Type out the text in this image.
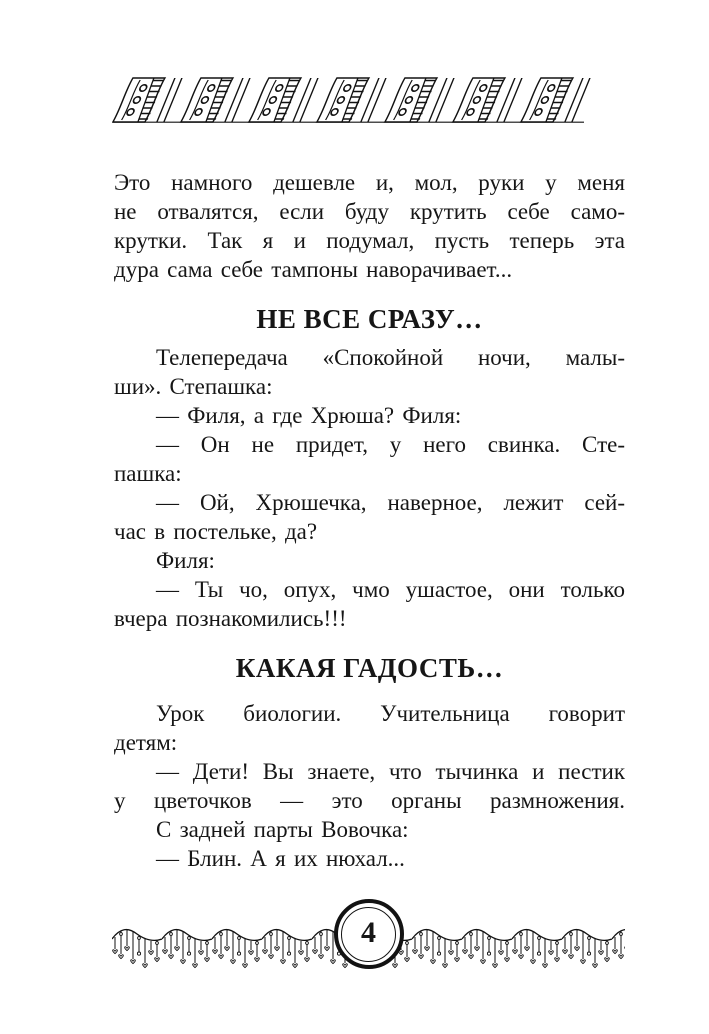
Это намного дешевле и, мол, руки у меня
не отвалятся, если буду крутить себе само-
крутки. Так я и подумал, пусть теперь эта
дура сама себе тампоны наворачивает...

НЕ ВСЕ СРАЗУ…

Телепередача «Спокойной ночи, малы-
ши». Степашка:

— Филя, а где Хрюша? Филя:

— Он не придет, у него свинка. Сте-
пашка:

— Ой, Хрюшечка, наверное, лежит сей-
час в постельке, да?

Филя:

— Ты чо, опух, чмо ушастое, они только
вчера познакомились!!!

КАКАЯ ГАДОСТЬ…

Урок биологии. Учительница говорит
детям:

— Дети! Вы знаете, что тычинка и пестик
у цветочков — это органы размножения.

С задней парты Вовочка:

— Блин. А я их нюхал...

4
